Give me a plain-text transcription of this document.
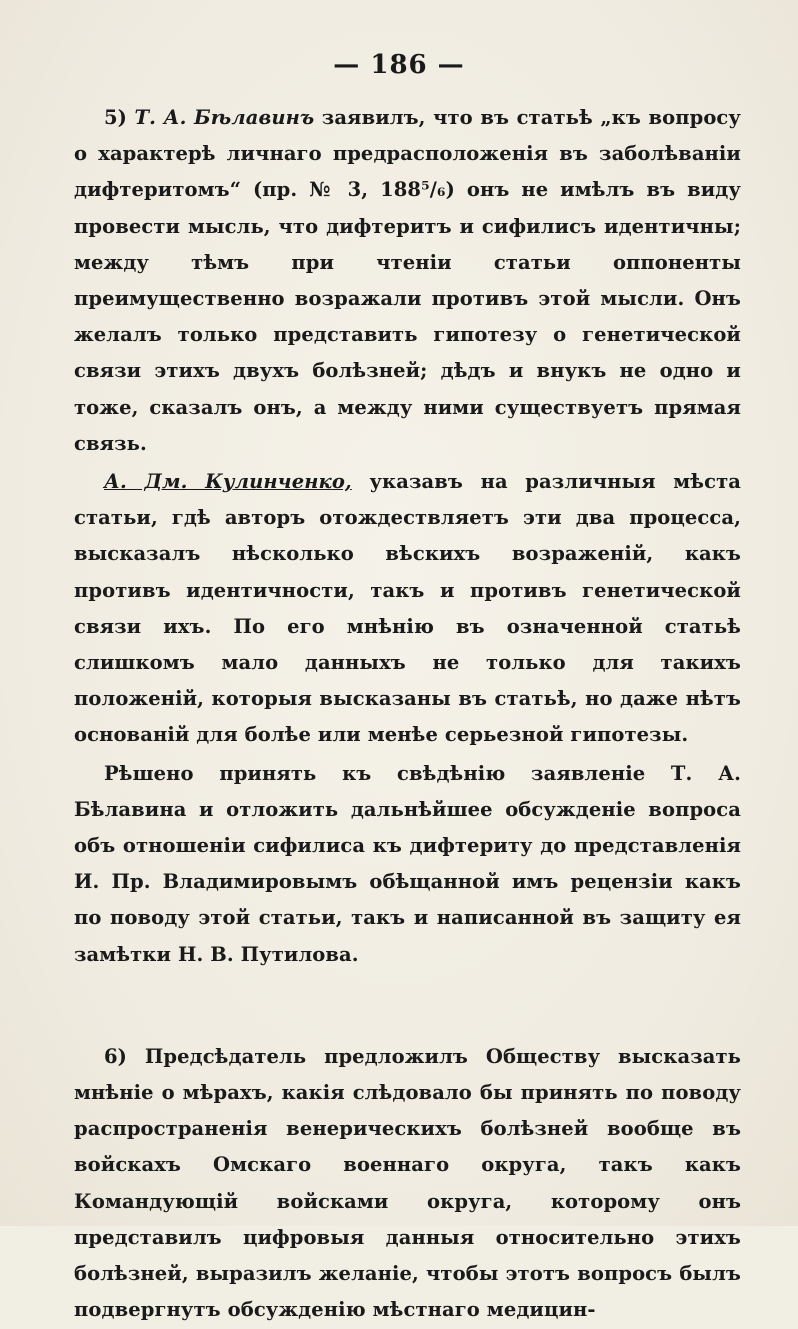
— 186 —

5) Т. А. Бѣлавинъ заявилъ, что въ статьѣ „къ вопросу о характерѣ личнаго предрасположенія въ заболѣваніи дифтеритомъ“ (пр. № 3, 188⁵/₆) онъ не имѣлъ въ виду провести мысль, что дифтеритъ и сифилисъ идентичны; между тѣмъ при чтеніи статьи оппоненты преимущественно возражали противъ этой мысли. Онъ желалъ только представить гипотезу о генетической связи этихъ двухъ болѣзней; дѣдъ и внукъ не одно и тоже, сказалъ онъ, а между ними существуетъ прямая связь.

А. Дм. Кулинченко, указавъ на различныя мѣста статьи, гдѣ авторъ отождествляетъ эти два процесса, высказалъ нѣсколько вѣскихъ возраженій, какъ противъ идентичности, такъ и противъ генетической связи ихъ. По его мнѣнію въ означенной статьѣ слишкомъ мало данныхъ не только для такихъ положеній, которыя высказаны въ статьѣ, но даже нѣтъ основаній для болѣе или менѣе серьезной гипотезы.

Рѣшено принять къ свѣдѣнію заявленіе Т. А. Бѣлавина и отложить дальнѣйшее обсужденіе вопроса объ отношеніи сифилиса къ дифтериту до представленія И. Пр. Владимировымъ обѣщанной имъ рецензіи какъ по поводу этой статьи, такъ и написанной въ защиту ея замѣтки Н. В. Путилова.

6) Предсѣдатель предложилъ Обществу высказать мнѣніе о мѣрахъ, какія слѣдовало бы принять по поводу распространенія венерическихъ болѣзней вообще въ войскахъ Омскаго военнаго округа, такъ какъ Командующій войсками округа, которому онъ представилъ цифровыя данныя относительно этихъ болѣзней, выразилъ желаніе, чтобы этотъ вопросъ былъ подвергнутъ обсужденію мѣстнаго медицин-
